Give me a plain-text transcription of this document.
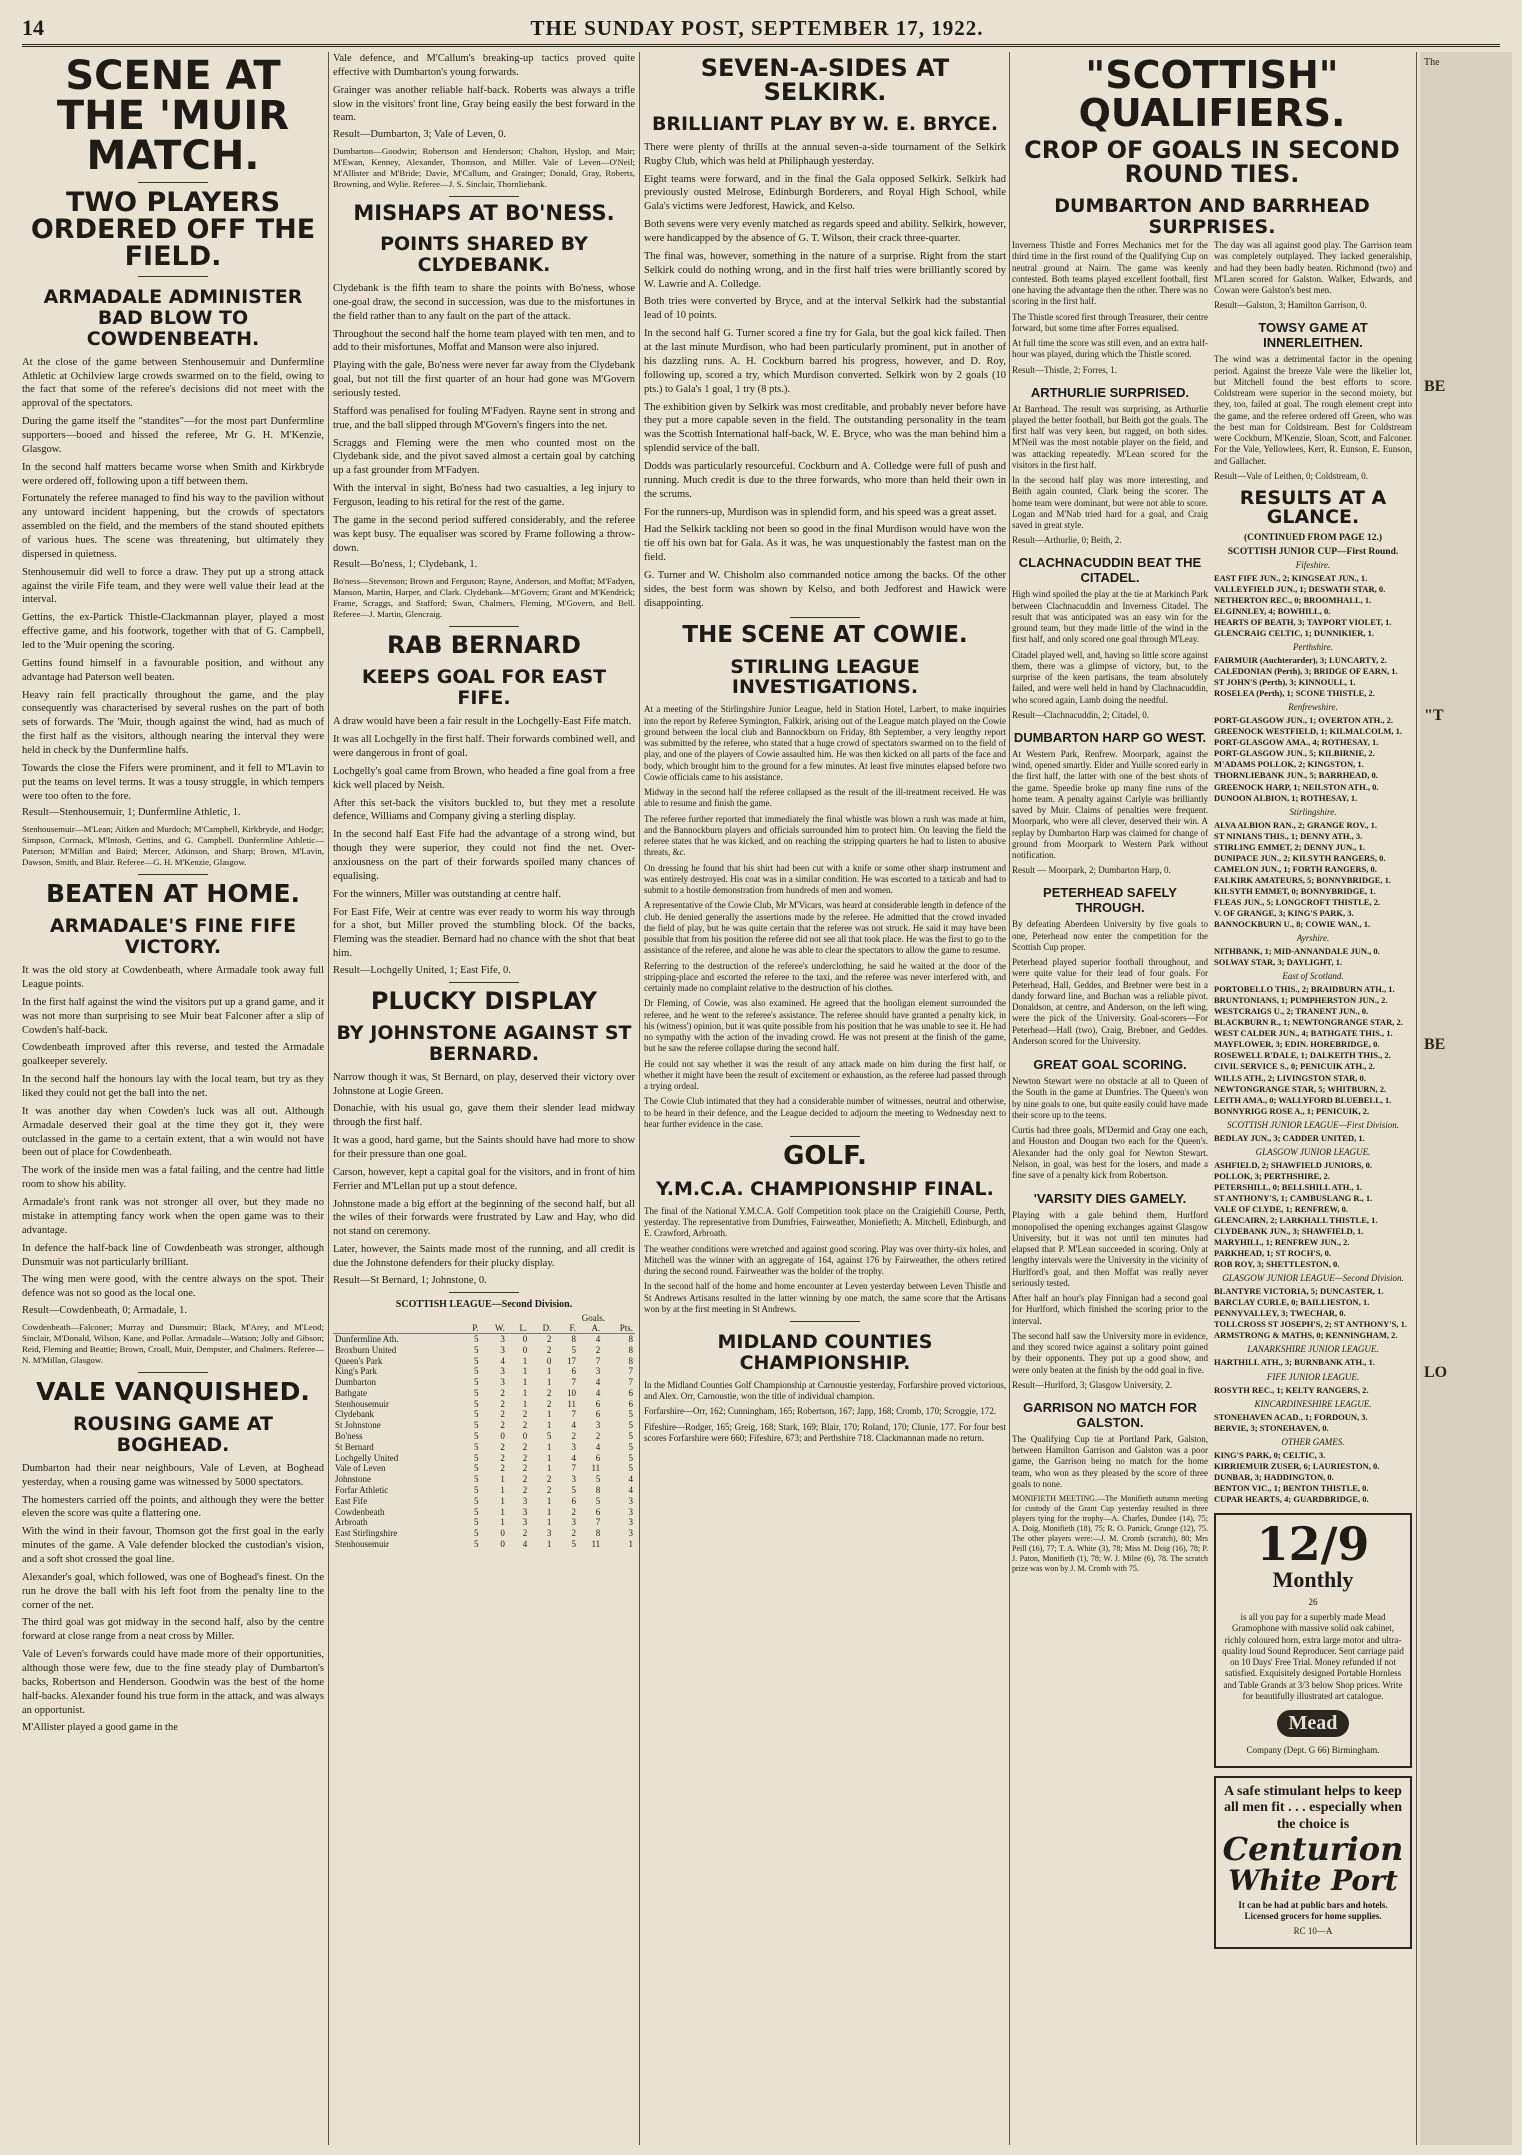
14	THE SUNDAY POST, SEPTEMBER 17, 1922.
SCENE AT THE 'MUIR MATCH.
TWO PLAYERS ORDERED OFF THE FIELD.
ARMADALE ADMINISTER BAD BLOW TO COWDENBEATH.

At the close of the game between Stenhousemuir and Dunfermline Athletic at Ochilview large crowds swarmed on to the field, owing to the fact that some of the referee's decisions did not meet with the approval of the spectators.

During the game itself the "standites"—for the most part Dunfermline supporters—booed and hissed the referee, Mr G. H. M'Kenzie, Glasgow.

In the second half matters became worse when Smith and Kirkbryde were ordered off, following upon a tiff between them.

Fortunately the referee managed to find his way to the pavilion without any untoward incident happening, but the crowds of spectators assembled on the field, and the members of the stand shouted epithets of various hues. The scene was threatening, but ultimately they dispersed in quietness.

Stenhousemuir did well to force a draw. They put up a strong attack against the virile Fife team, and they were well value their lead at the interval.

Gettins, the ex-Partick Thistle-Clackmannan player, played a most effective game, and his footwork, together with that of G. Campbell, led to the 'Muir opening the scoring.

Gettins found himself in a favourable position, and without any advantage had Paterson well beaten.

Heavy rain fell practically throughout the game, and the play consequently was characterised by several rushes on the part of both sets of forwards. The 'Muir, though against the wind, had as much of the first half as the visitors, although nearing the interval they were held in check by the Dunfermline halfs.

Towards the close the Fifers were prominent, and it fell to M'Lavin to put the teams on level terms. It was a tousy struggle, in which tempers were too often to the fore.

Result—Stenhousemuir, 1; Dunfermline Athletic, 1.

Stenhousemuir—M'Lean; Aitken and Murdoch; M'Campbell, Kirkbryde, and Hodge; Simpson, Cormack, M'Intosh, Gettins, and G. Campbell. Dunfermline Athletic—Paterson; M'Millan and Baird; Mercer, Atkinson, and Sharp; Brown, M'Lavin, Dawson, Smith, and Blair. Referee—G. H. M'Kenzie, Glasgow.

BEATEN AT HOME.
ARMADALE'S FINE FIFE VICTORY.

It was the old story at Cowdenbeath, where Armadale took away full League points.

In the first half against the wind the visitors put up a grand game, and it was not more than surprising to see Muir beat Falconer after a slip of Cowden's half-back.

Cowdenbeath improved after this reverse, and tested the Armadale goalkeeper severely.

In the second half the honours lay with the local team, but try as they liked they could not get the ball into the net.

It was another day when Cowden's luck was all out. Although Armadale deserved their goal at the time they got it, they were outclassed in the game to a certain extent, that a win would not have been out of place for Cowdenbeath.

The work of the inside men was a fatal failing, and the centre had little room to show his ability.

Armadale's front rank was not stronger all over, but they made no mistake in attempting fancy work when the open game was to their advantage.

In defence the half-back line of Cowdenbeath was stronger, although Dunsmuir was not particularly brilliant.

The wing men were good, with the centre always on the spot. Their defence was not so good as the local one.

Result—Cowdenbeath, 0; Armadale, 1.

Cowdenbeath—Falconer; Murray and Dunsmuir; Black, M'Arey, and M'Leod; Sinclair, M'Donald, Wilson, Kane, and Pollar. Armadale—Watson; Jolly and Gibson; Reid, Fleming and Beattie; Brown, Croall, Muir, Dempster, and Chalmers. Referee—N. M'Millan, Glasgow.

VALE VANQUISHED.
ROUSING GAME AT BOGHEAD.

Dumbarton had their near neighbours, Vale of Leven, at Boghead yesterday, when a rousing game was witnessed by 5000 spectators.

The homesters carried off the points, and although they were the better eleven the score was quite a flattering one.

With the wind in their favour, Thomson got the first goal in the early minutes of the game. A Vale defender blocked the custodian's vision, and a soft shot crossed the goal line.

Alexander's goal, which followed, was one of Boghead's finest. On the run he drove the ball with his left foot from the penalty line to the corner of the net.

The third goal was got midway in the second half, also by the centre forward at close range from a neat cross by Miller.

Vale of Leven's forwards could have made more of their opportunities, although those were few, due to the fine steady play of Dumbarton's backs, Robertson and Henderson. Goodwin was the best of the home half-backs. Alexander found his true form in the attack, and was always an opportunist.

M'Allister played a good game in the

Vale defence, and M'Callum's breaking-up tactics proved quite effective with Dumbarton's young forwards.

Grainger was another reliable half-back. Roberts was always a trifle slow in the visitors' front line, Gray being easily the best forward in the team.

Result—Dumbarton, 3; Vale of Leven, 0.

Dumbarton—Goodwin; Robertson and Henderson; Chalton, Hyslop, and Mair; M'Ewan, Kenney, Alexander, Thomson, and Miller. Vale of Leven—O'Neil; M'Allister and M'Bride; Davie, M'Callum, and Grainger; Donald, Gray, Roberts, Browning, and Wylie. Referee—J. S. Sinclair, Thornliebank.

MISHAPS AT BO'NESS.
POINTS SHARED BY CLYDEBANK.

Clydebank is the fifth team to share the points with Bo'ness, whose one-goal draw, the second in succession, was due to the misfortunes in the field rather than to any fault on the part of the attack.

Throughout the second half the home team played with ten men, and to add to their misfortunes, Moffat and Manson were also injured.

Playing with the gale, Bo'ness were never far away from the Clydebank goal, but not till the first quarter of an hour had gone was M'Govern seriously tested.

Stafford was penalised for fouling M'Fadyen. Rayne sent in strong and true, and the ball slipped through M'Govern's fingers into the net.

Scraggs and Fleming were the men who counted most on the Clydebank side, and the pivot saved almost a certain goal by catching up a fast grounder from M'Fadyen.

With the interval in sight, Bo'ness had two casualties, a leg injury to Ferguson, leading to his retiral for the rest of the game.

The game in the second period suffered considerably, and the referee was kept busy. The equaliser was scored by Frame following a throw-down.

Result—Bo'ness, 1; Clydebank, 1.

Bo'ness—Stevenson; Brown and Ferguson; Rayne, Anderson, and Moffat; M'Fadyen, Manson, Martin, Harper, and Clark. Clydebank—M'Govern; Grant and M'Kendrick; Frame, Scraggs, and Stafford; Swan, Chalmers, Fleming, M'Govern, and Bell. Referee—J. Martin, Glencraig.

RAB BERNARD
KEEPS GOAL FOR EAST FIFE.

A draw would have been a fair result in the Lochgelly-East Fife match.

It was all Lochgelly in the first half. Their forwards combined well, and were dangerous in front of goal.

Lochgelly's goal came from Brown, who headed a fine goal from a free kick well placed by Neish.

After this set-back the visitors buckled to, but they met a resolute defence, Williams and Company giving a sterling display.

In the second half East Fife had the advantage of a strong wind, but though they were superior, they could not find the net. Over-anxiousness on the part of their forwards spoiled many chances of equalising.

For the winners, Miller was outstanding at centre half.

For East Fife, Weir at centre was ever ready to worm his way through for a shot, but Miller proved the stumbling block. Of the backs, Fleming was the steadier. Bernard had no chance with the shot that beat him.

Result—Lochgelly United, 1; East Fife, 0.

PLUCKY DISPLAY
BY JOHNSTONE AGAINST ST BERNARD.

Narrow though it was, St Bernard, on play, deserved their victory over Johnstone at Logie Green.

Donachie, with his usual go, gave them their slender lead midway through the first half.

It was a good, hard game, but the Saints should have had more to show for their pressure than one goal.

Carson, however, kept a capital goal for the visitors, and in front of him Ferrier and M'Lellan put up a stout defence.

Johnstone made a big effort at the beginning of the second half, but all the wiles of their forwards were frustrated by Law and Hay, who did not stand on ceremony.

Later, however, the Saints made most of the running, and all credit is due the Johnstone defenders for their plucky display.

Result—St Bernard, 1; Johnstone, 0.

SCOTTISH LEAGUE—Second Division.
Goals.
	P.	W.	L.	D.	F.	A.	Pts.
Dunfermline Ath.	5	3	0	2	8	4	8
Broxburn United	5	3	0	2	5	2	8
Queen's Park	5	4	1	0	17	7	8
King's Park	5	3	1	1	6	3	7
Dumbarton	5	3	1	1	7	4	7
Bathgate	5	2	1	2	10	4	6
Stenhousemuir	5	2	1	2	11	6	6
Clydebank	5	2	2	1	7	6	5
St Johnstone	5	2	2	1	4	3	5
Bo'ness	5	0	0	5	2	2	5
St Bernard	5	2	2	1	3	4	5
Lochgelly United	5	2	2	1	4	6	5
Vale of Leven	5	2	2	1	7	11	5
Johnstone	5	1	2	2	3	5	4
Forfar Athletic	5	1	2	2	5	8	4
East Fife	5	1	3	1	6	5	3
Cowdenbeath	5	1	3	1	2	6	3
Arbroath	5	1	3	1	3	7	3
East Stirlingshire	5	0	2	3	2	8	3
Stenhousemuir	5	0	4	1	5	11	1
SEVEN-A-SIDES AT SELKIRK.
BRILLIANT PLAY BY W. E. BRYCE.

There were plenty of thrills at the annual seven-a-side tournament of the Selkirk Rugby Club, which was held at Philiphaugh yesterday.

Eight teams were forward, and in the final the Gala opposed Selkirk. Selkirk had previously ousted Melrose, Edinburgh Borderers, and Royal High School, while Gala's victims were Jedforest, Hawick, and Kelso.

Both sevens were very evenly matched as regards speed and ability. Selkirk, however, were handicapped by the absence of G. T. Wilson, their crack three-quarter.

The final was, however, something in the nature of a surprise. Right from the start Selkirk could do nothing wrong, and in the first half tries were brilliantly scored by W. Lawrie and A. Colledge.

Both tries were converted by Bryce, and at the interval Selkirk had the substantial lead of 10 points.

In the second half G. Turner scored a fine try for Gala, but the goal kick failed. Then at the last minute Murdison, who had been particularly prominent, put in another of his dazzling runs. A. H. Cockburn barred his progress, however, and D. Roy, following up, scored a try, which Murdison converted. Selkirk won by 2 goals (10 pts.) to Gala's 1 goal, 1 try (8 pts.).

The exhibition given by Selkirk was most creditable, and probably never before have they put a more capable seven in the field. The outstanding personality in the team was the Scottish International half-back, W. E. Bryce, who was the man behind him a splendid service of the ball.

Dodds was particularly resourceful. Cockburn and A. Colledge were full of push and running. Much credit is due to the three forwards, who more than held their own in the scrums.

For the runners-up, Murdison was in splendid form, and his speed was a great asset.

Had the Selkirk tackling not been so good in the final Murdison would have won the tie off his own bat for Gala. As it was, he was unquestionably the fastest man on the field.

G. Turner and W. Chisholm also commanded notice among the backs. Of the other sides, the best form was shown by Kelso, and both Jedforest and Hawick were disappointing.

THE SCENE AT COWIE.
STIRLING LEAGUE INVESTIGATIONS.

At a meeting of the Stirlingshire Junior League, held in Station Hotel, Larbert, to make inquiries into the report by Referee Symington, Falkirk, arising out of the League match played on the Cowie ground between the local club and Bannockburn on Friday, 8th September, a very lengthy report was submitted by the referee, who stated that a huge crowd of spectators swarmed on to the field of play, and one of the players of Cowie assaulted him. He was then kicked on all parts of the face and body, which brought him to the ground for a few minutes. At least five minutes elapsed before two Cowie officials came to his assistance.

Midway in the second half the referee collapsed as the result of the ill-treatment received. He was able to resume and finish the game.

The referee further reported that immediately the final whistle was blown a rush was made at him, and the Bannockburn players and officials surrounded him to protect him. On leaving the field the referee states that he was kicked, and on reaching the stripping quarters he had to listen to abusive threats, &c.

On dressing he found that his shirt had been cut with a knife or some other sharp instrument and was entirely destroyed. His coat was in a similar condition. He was escorted to a taxicab and had to submit to a hostile demonstration from hundreds of men and women.

A representative of the Cowie Club, Mr M'Vicars, was heard at considerable length in defence of the club. He denied generally the assertions made by the referee. He admitted that the crowd invaded the field of play, but he was quite certain that the referee was not struck. He said it may have been possible that from his position the referee did not see all that took place. He was the first to go to the assistance of the referee, and alone he was able to clear the spectators to allow the game to resume.

Referring to the destruction of the referee's underclothing, he said he waited at the door of the stripping-place and escorted the referee to the taxi, and the referee was never interfered with, and certainly made no complaint relative to the destruction of his clothes.

Dr Fleming, of Cowie, was also examined. He agreed that the hooligan element surrounded the referee, and he went to the referee's assistance. The referee should have granted a penalty kick, in his (witness') opinion, but it was quite possible from his position that he was unable to see it. He had no sympathy with the action of the invading crowd. He was not present at the finish of the game, but he saw the referee collapse during the second half.

He could not say whether it was the result of any attack made on him during the first half, or whether it might have been the result of excitement or exhaustion, as the referee had passed through a trying ordeal.

The Cowie Club intimated that they had a considerable number of witnesses, neutral and otherwise, to be heard in their defence, and the League decided to adjourn the meeting to Wednesday next to hear further evidence in the case.

GOLF.
Y.M.C.A. CHAMPIONSHIP FINAL.

The final of the National Y.M.C.A. Golf Competition took place on the Craigiehill Course, Perth, yesterday. The representative from Dumfries, Fairweather, Moniefieth; A. Mitchell, Edinburgh, and E. Crawford, Arbroath.

The weather conditions were wretched and against good scoring. Play was over thirty-six holes, and Mitchell was the winner with an aggregate of 164, against 176 by Fairweather, the others retired during the second round. Fairweather was the holder of the trophy.

In the second half of the home and home encounter at Leven yesterday between Leven Thistle and St Andrews Artisans resulted in the latter winning by one match, the same score that the Artisans won by at the first meeting in St Andrews.

MIDLAND COUNTIES CHAMPIONSHIP.

In the Midland Counties Golf Championship at Carnoustie yesterday, Forfarshire proved victorious, and Alex. Orr, Carnoustie, won the title of individual champion.

Forfarshire—Orr, 162; Cunningham, 165; Robertson, 167; Japp, 168; Cromb, 170; Scroggie, 172.

Fifeshire—Rodger, 165; Greig, 168; Stark, 169; Blair, 170; Roland, 170; Clunie, 177. For four best scores Forfarshire were 660; Fifeshire, 673; and Perthshire 718. Clackmannan made no return.

"SCOTTISH" QUALIFIERS.
CROP OF GOALS IN SECOND ROUND TIES.
DUMBARTON AND BARRHEAD SURPRISES.

Inverness Thistle and Forres Mechanics met for the third time in the first round of the Qualifying Cup on neutral ground at Nairn. The game was keenly contested. Both teams played excellent football, first one having the advantage then the other. There was no scoring in the first half.

The Thistle scored first through Treasurer, their centre forward, but some time after Forres equalised.

At full time the score was still even, and an extra half-hour was played, during which the Thistle scored.

Result—Thistle, 2; Forres, 1.

ARTHURLIE SURPRISED.

At Barrhead. The result was surprising, as Arthurlie played the better football, but Beith got the goals. The first half was very keen, but ragged, on both sides. M'Neil was the most notable player on the field, and was attacking repeatedly. M'Lean scored for the visitors in the first half.

In the second half play was more interesting, and Beith again counted, Clark being the scorer. The home team were dominant, but were not able to score. Logan and M'Nab tried hard for a goal, and Craig saved in great style.

Result—Arthurlie, 0; Beith, 2.

CLACHNACUDDIN BEAT THE CITADEL.

High wind spoiled the play at the tie at Markinch Park between Clachnacuddin and Inverness Citadel. The result that was anticipated was an easy win for the ground team, but they made little of the wind in the first half, and only scored one goal through M'Leay.

Citadel played well, and, having so little score against them, there was a glimpse of victory, but, to the surprise of the keen partisans, the team absolutely failed, and were well held in hand by Clachnacuddin, who scored again, Lamb doing the needful.

Result—Clachnacuddin, 2; Citadel, 0.

DUMBARTON HARP GO WEST.

At Western Park, Renfrew. Moorpark, against the wind, opened smartly. Elder and Yuille scored early in the first half, the latter with one of the best shots of the game. Speedie broke up many fine runs of the home team. A penalty against Carlyle was brilliantly saved by Muir. Claims of penalties were frequent. Moorpark, who were all clever, deserved their win. A replay by Dumbarton Harp was claimed for change of ground from Moorpark to Western Park without notification.

Result — Moorpark, 2; Dumbarton Harp, 0.

PETERHEAD SAFELY THROUGH.

By defeating Aberdeen University by five goals to one, Peterhead now enter the competition for the Scottish Cup proper.

Peterhead played superior football throughout, and were quite value for their lead of four goals. For Peterhead, Hall, Geddes, and Brebner were best in a dandy forward line, and Buchan was a reliable pivot. Donaldson, at centre, and Anderson, on the left wing, were the pick of the University. Goal-scorers—For Peterhead—Hall (two), Craig, Brebner, and Geddes. Anderson scored for the University.

GREAT GOAL SCORING.

Newton Stewart were no obstacle at all to Queen of the South in the game at Dumfries. The Queen's won by nine goals to one, but quite easily could have made their score up to the teens.

Curtis had three goals, M'Dermid and Gray one each, and Houston and Dougan two each for the Queen's. Alexander had the only goal for Newton Stewart. Nelson, in goal, was best for the losers, and made a fine save of a penalty kick from Robertson.

'VARSITY DIES GAMELY.

Playing with a gale behind them, Hurlford monopolised the opening exchanges against Glasgow University, but it was not until ten minutes had elapsed that P. M'Lean succeeded in scoring. Only at lengthy intervals were the University in the vicinity of Hurlford's goal, and then Moffat was really never seriously tested.

After half an hour's play Finnigan had a second goal for Hurlford, which finished the scoring prior to the interval.

The second half saw the University more in evidence, and they scored twice against a solitary point gained by their opponents. They put up a good show, and were only beaten at the finish by the odd goal in five.

Result—Hurlford, 3; Glasgow University, 2.

GARRISON NO MATCH FOR GALSTON.

The Qualifying Cup tie at Portland Park, Galston, between Hamilton Garrison and Galston was a poor game, the Garrison being no match for the home team, who won as they pleased by the score of three goals to none.

MONIFIETH MEETING.—The Monifieth autumn meeting for custody of the Grant Cup yesterday resulted in three players tying for the trophy—A. Charles, Dundee (14), 75; A. Doig, Monifieth (18), 75; R. O. Partick, Grange (12), 75. The other players were:—J. M. Cromb (scratch), 80; Mrs Peill (16), 77; T. A. White (3), 78; Miss M. Doig (16), 78; P. J. Paton, Monifieth (1), 78; W. J. Milne (6), 78. The scratch prize was won by J. M. Cromb with 75.

The day was all against good play. The Garrison team was completely outplayed. They lacked generalship, and had they been badly beaten. Richmond (two) and M'Laren scored for Galston. Walker, Edwards, and Cowan were Galston's best men.

Result—Galston, 3; Hamilton Garrison, 0.

TOWSY GAME AT INNERLEITHEN.

The wind was a detrimental factor in the opening period. Against the breeze Vale were the likelier lot, but Mitchell found the best efforts to score. Coldstream were superior in the second moiety, but they, too, failed at goal. The rough element crept into the game, and the referee ordered off Green, who was the best man for Coldstream. Best for Coldstream were Cockburn, M'Kenzie, Sloan, Scott, and Falconer. For the Vale, Yellowlees, Kerr, R. Eunson, E. Eunson, and Gallacher.

Result—Vale of Leithen, 0; Coldstream, 0.

RESULTS AT A GLANCE.
(CONTINUED FROM PAGE 12.)
SCOTTISH JUNIOR CUP—First Round.
Fifeshire.
EAST FIFE JUN., 2; KINGSEAT JUN., 1.
VALLEYFIELD JUN., 1; DESWATH STAR, 0.
NETHERTON REC., 0; BROOMHALL, 1.
ELGINNLEY, 4; BOWHILL, 0.
HEARTS OF BEATH, 3; TAYPORT VIOLET, 1.
GLENCRAIG CELTIC, 1; DUNNIKIER, 1.
Perthshire.
FAIRMUIR (Auchterarder), 3; LUNCARTY, 2.
CALEDONIAN (Perth), 3; BRIDGE OF EARN, 1.
ST JOHN'S (Perth), 3; KINNOULL, 1.
ROSELEA (Perth), 1; SCONE THISTLE, 2.
Renfrewshire.
PORT-GLASGOW JUN., 1; OVERTON ATH., 2.
GREENOCK WESTFIELD, 1; KILMALCOLM, 1.
PORT-GLASGOW AMA., 4; ROTHESAY, 1.
PORT-GLASGOW JUN., 5; KILBIRNIE, 2.
M'ADAMS POLLOK, 2; KINGSTON, 1.
THORNLIEBANK JUN., 5; BARRHEAD, 0.
GREENOCK HARP, 1; NEILSTON ATH., 0.
DUNOON ALBION, 1; ROTHESAY, 1.
Stirlingshire.
ALVA ALBION RAN., 2; GRANGE ROV., 1.
ST NINIANS THIS., 1; DENNY ATH., 3.
STIRLING EMMET, 2; DENNY JUN., 1.
DUNIPACE JUN., 2; KILSYTH RANGERS, 0.
CAMELON JUN., 1; FORTH RANGERS, 0.
FALKIRK AMATEURS, 5; BONNYBRIDGE, 1.
KILSYTH EMMET, 0; BONNYBRIDGE, 1.
FLEAS JUN., 5; LONGCROFT THISTLE, 2.
V. OF GRANGE, 3; KING'S PARK, 3.
BANNOCKBURN U., 8; COWIE WAN., 1.
Ayrshire.
NITHBANK, 1; MID-ANNANDALE JUN., 0.
SOLWAY STAR, 3; DAYLIGHT, 1.
East of Scotland.
PORTOBELLO THIS., 2; BRAIDBURN ATH., 1.
BRUNTONIANS, 1; PUMPHERSTON JUN., 2.
WESTCRAIGS U., 2; TRANENT JUN., 0.
BLACKBURN R., 1; NEWTONGRANGE STAR, 2.
WEST CALDER JUN., 4; BATHGATE THIS., 1.
MAYFLOWER, 3; EDIN. HOREBRIDGE, 0.
ROSEWELL R'DALE, 1; DALKEITH THIS., 2.
CIVIL SERVICE S., 0; PENICUIK ATH., 2.
WILLS ATH., 2; LIVINGSTON STAR, 0.
NEWTONGRANGE STAR, 5; WHITBURN, 2.
LEITH AMA., 0; WALLYFORD BLUEBELL, 1.
BONNYRIGG ROSE A., 1; PENICUIK, 2.
SCOTTISH JUNIOR LEAGUE—First Division.
BEDLAY JUN., 3; CADDER UNITED, 1.
GLASGOW JUNIOR LEAGUE.
ASHFIELD, 2; SHAWFIELD JUNIORS, 0.
POLLOK, 3; PERTHSHIRE, 2.
PETERSHILL, 0; BELLSHILL ATH., 1.
ST ANTHONY'S, 1; CAMBUSLANG R., 1.
VALE OF CLYDE, 1; RENFREW, 0.
GLENCAIRN, 2; LARKHALL THISTLE, 1.
CLYDEBANK JUN., 3; SHAWFIELD, 1.
MARYHILL, 1; RENFREW JUN., 2.
PARKHEAD, 1; ST ROCH'S, 0.
ROB ROY, 3; SHETTLESTON, 0.
GLASGOW JUNIOR LEAGUE—Second Division.
BLANTYRE VICTORIA, 5; DUNCASTER, 1.
BARCLAY CURLE, 0; BAILLIESTON, 1.
PENNYVALLEY, 3; TWECHAR, 0.
TOLLCROSS ST JOSEPH'S, 2; ST ANTHONY'S, 1.
ARMSTRONG & MATHS, 0; KENNINGHAM, 2.
LANARKSHIRE JUNIOR LEAGUE.
HARTHILL ATH., 3; BURNBANK ATH., 1.
FIFE JUNIOR LEAGUE.
ROSYTH REC., 1; KELTY RANGERS, 2.
KINCARDINESHIRE LEAGUE.
STONEHAVEN ACAD., 1; FORDOUN, 3.
BERVIE, 3; STONEHAVEN, 0.
OTHER GAMES.
KING'S PARK, 0; CELTIC, 3.
KIRRIEMUIR ZUSER, 6; LAURIESTON, 0.
DUNBAR, 3; HADDINGTON, 0.
BENTON VIC., 1; BENTON THISTLE, 0.
CUPAR HEARTS, 4; GUARDBRIDGE, 0.
12/9
Monthly
26
is all you pay for a superbly made Mead Gramophone with massive solid oak cabinet, richly coloured horn, extra large motor and ultra-quality loud Sound Reproducer. Sent carriage paid on 10 Days' Free Trial. Money refunded if not satisfied. Exquisitely designed Portable Hornless and Table Grands at 3/3 below Shop prices. Write for beautifully illustrated art catalogue.
Mead
Company (Dept. G 66) Birmingham.
A safe stimulant helps to keep all men fit . . . especially when the choice is
Centurion
White Port
It can be had at public bars and hotels. Licensed grocers for home supplies.
RC 10—A
The
BE
"T
BE
LO
